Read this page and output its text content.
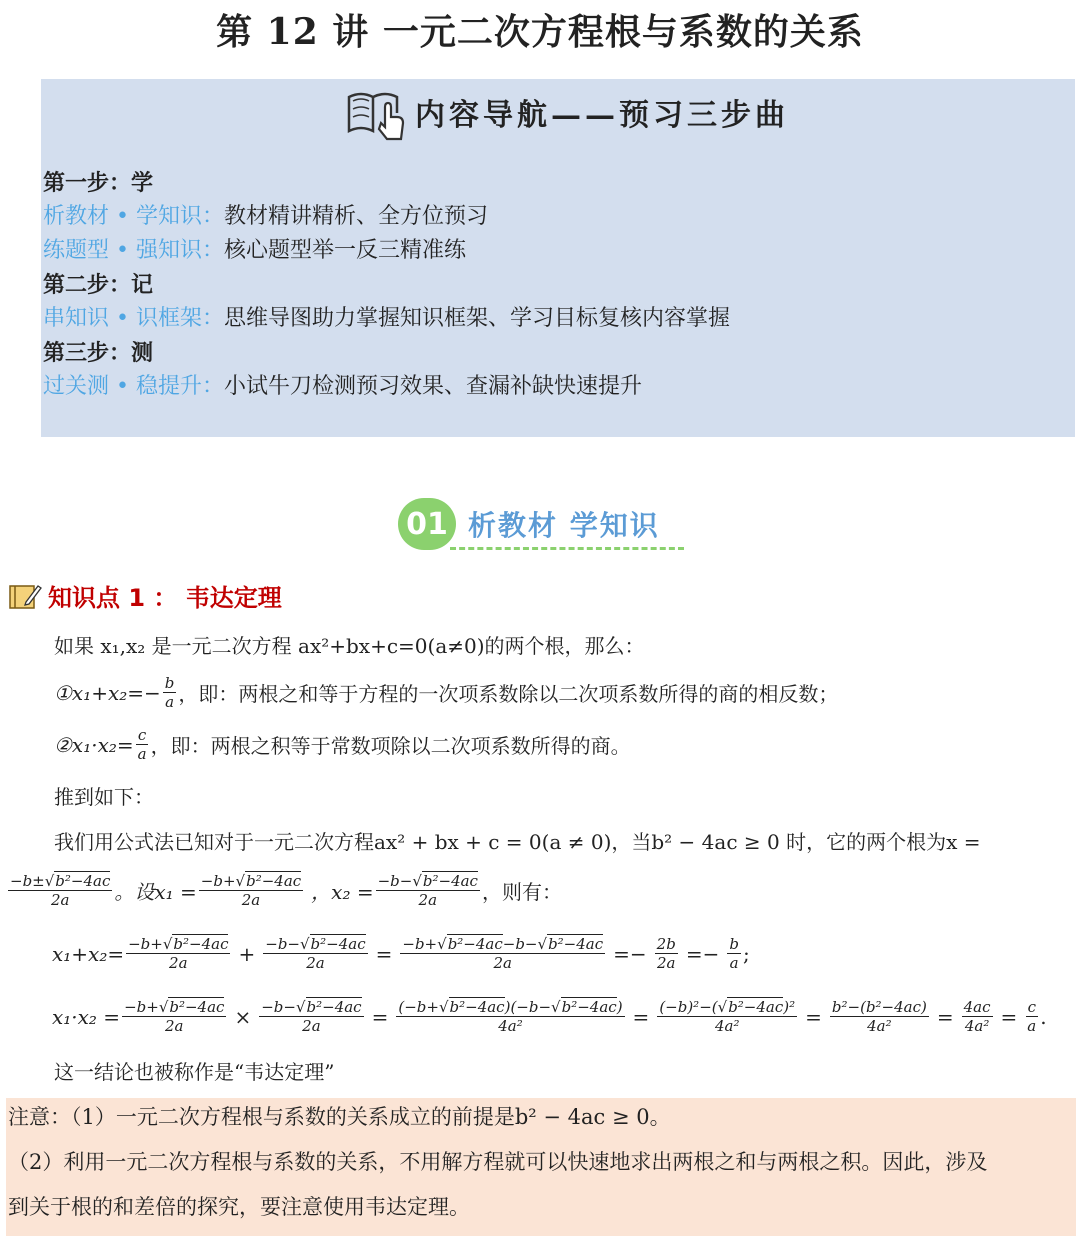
第 12 讲 一元二次方程根与系数的关系
内容导航——预习三步曲
第一步：学
析教材 • 学知识：教材精讲精析、全方位预习
练题型 • 强知识：核心题型举一反三精准练
第二步：记
串知识 • 识框架：思维导图助力掌握知识框架、学习目标复核内容掌握
第三步：测
过关测 • 稳提升：小试牛刀检测预习效果、查漏补缺快速提升
01 析教材 学知识
知识点 1 ： 韦达定理
如果 x₁,x₂ 是一元二次方程 ax²+bx+c=0(a≠0)的两个根，那么：
①x₁+x₂=− $\frac{b}{a}$ ，即：两根之和等于方程的一次项系数除以二次项系数所得的商的相反数；
②x₁·x₂= $\frac{c}{a}$ ，即：两根之积等于常数项除以二次项系数所得的商。
推到如下：
我们用公式法已知对于一元二次方程ax² + bx + c = 0(a ≠ 0)，当b² − 4ac ≥ 0 时，它的两个根为x =
$\frac{\text{−b±√b²−4ac}}{2a}$ 。设$x_1 = \frac{\text{−b+√b²−4ac}}{2a}$ ，$x_2 = \frac{\text{−b−√b²−4ac}}{2a}$ ，则有：
$x_1+x_2= \frac{\text{−b+√b²−4ac}}{2a} + \frac{\text{−b−√b²−4ac}}{2a} = \frac{\text{−b+√b²−4ac−b−√b²−4ac}}{2a} =- \frac{2b}{2a} =- \frac{b}{a}$ ;
$x_1\cdot x_2 = \frac{\text{−b+√b²−4ac}}{2a} \times \frac{\text{−b−√b²−4ac}}{2a} = \frac{\text{(−b+√b²−4ac)(−b−√b²−4ac)}}{\text{4a²}} = \frac{\text{(−b)²−(√b²−4ac)²}}{\text{4a²}} = \frac{\text{b²−(b²−4ac)}}{\text{4a²}} = \frac{4ac}{\text{4a²}} = \frac{c}{a}$ .
这一结论也被称作是“韦达定理”
注意：（1）一元二次方程根与系数的关系成立的前提是b² − 4ac ≥ 0。
（2）利用一元二次方程根与系数的关系，不用解方程就可以快速地求出两根之和与两根之积。因此，涉及
到关于根的和差倍的探究，要注意使用韦达定理。
